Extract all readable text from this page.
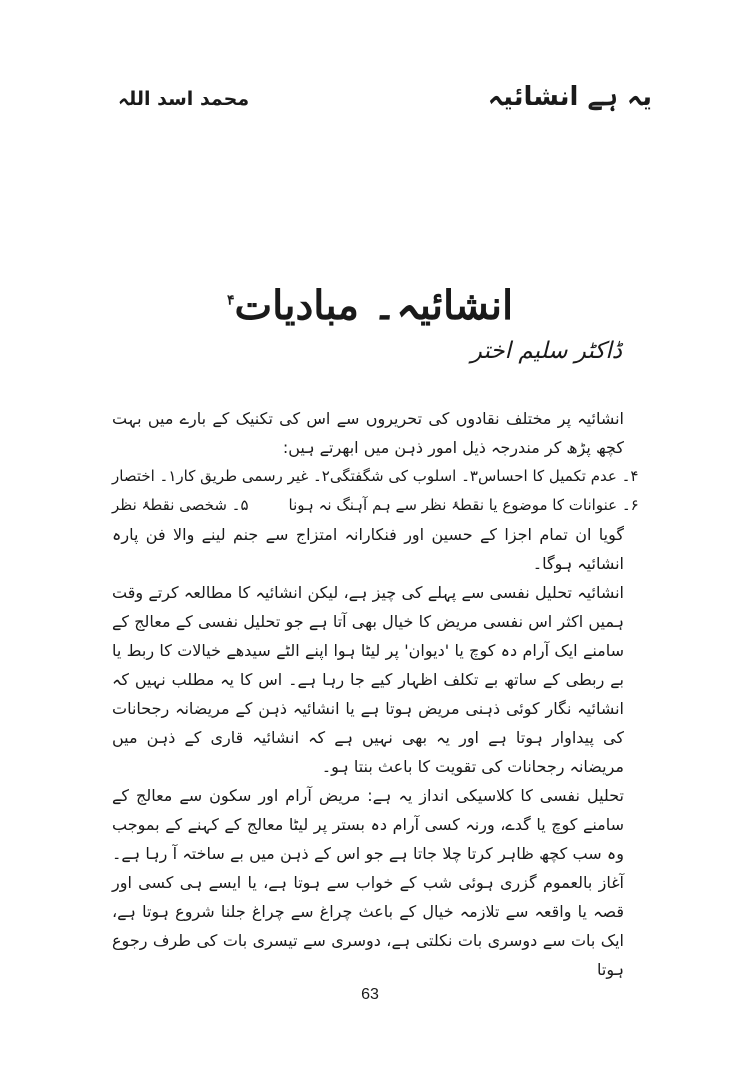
یہ ہے انشائیہ
محمد اسد اللہ
انشائیہ۔ مبادیات$^۴$
ڈاکٹر سلیم اختر

انشائیہ پر مختلف نقادوں کی تحریروں سے اس کی تکنیک کے بارے میں بہت کچھ پڑھ کر مندرجہ ذیل امور ذہن میں ابھرتے ہیں:

۱۔ اختصار ۲۔ غیر رسمی طریق کار ۳۔ اسلوب کی شگفتگی ۴۔ عدم تکمیل کا احساس
۵۔ شخصی نقطۂ نظر	۶۔ عنوانات کا موضوع یا نقطۂ نظر سے ہم آہنگ نہ ہونا

گویا ان تمام اجزا کے حسین اور فنکارانہ امتزاج سے جنم لینے والا فن پارہ انشائیہ ہوگا۔

انشائیہ تحلیل نفسی سے پہلے کی چیز ہے، لیکن انشائیہ کا مطالعہ کرتے وقت ہمیں اکثر اس نفسی مریض کا خیال بھی آتا ہے جو تحلیل نفسی کے معالج کے سامنے ایک آرام دہ کوچ یا 'دیوان' پر لیٹا ہوا اپنے الٹے سیدھے خیالات کا ربط یا بے ربطی کے ساتھ بے تکلف اظہار کیے جا رہا ہے۔ اس کا یہ مطلب نہیں کہ انشائیہ نگار کوئی ذہنی مریض ہوتا ہے یا انشائیہ ذہن کے مریضانہ رجحانات کی پیداوار ہوتا ہے اور یہ بھی نہیں ہے کہ انشائیہ قاری کے ذہن میں مریضانہ رجحانات کی تقویت کا باعث بنتا ہو۔

تحلیل نفسی کا کلاسیکی انداز یہ ہے: مریض آرام اور سکون سے معالج کے سامنے کوچ یا گدے، ورنہ کسی آرام دہ بستر پر لیٹا معالج کے کہنے کے بموجب وہ سب کچھ ظاہر کرتا چلا جاتا ہے جو اس کے ذہن میں بے ساختہ آ رہا ہے۔ آغاز بالعموم گزری ہوئی شب کے خواب سے ہوتا ہے، یا ایسے ہی کسی اور قصہ یا واقعہ سے تلازمہ خیال کے باعث چراغ سے چراغ جلنا شروع ہوتا ہے، ایک بات سے دوسری بات نکلتی ہے، دوسری سے تیسری بات کی طرف رجوع ہوتا

63
